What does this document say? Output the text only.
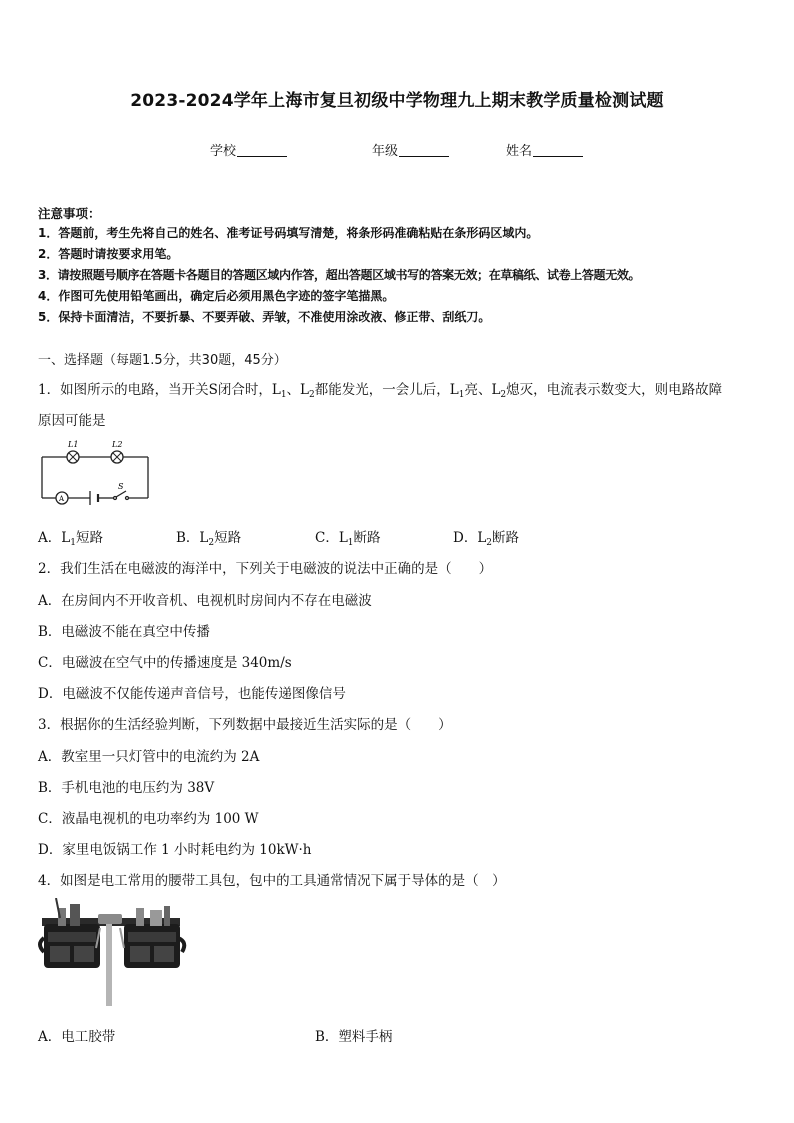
2023-2024学年上海市复旦初级中学物理九上期末教学质量检测试题
学校	年级	姓名
注意事项：
1．答题前，考生先将自己的姓名、准考证号码填写清楚，将条形码准确粘贴在条形码区域内。
2．答题时请按要求用笔。
3．请按照题号顺序在答题卡各题目的答题区域内作答，超出答题区域书写的答案无效；在草稿纸、试卷上答题无效。
4．作图可先使用铅笔画出，确定后必须用黑色字迹的签字笔描黑。
5．保持卡面清洁，不要折暴、不要弄破、弄皱，不准使用涂改液、修正带、刮纸刀。
一、选择题（每题1.5分，共30题，45分）
1．如图所示的电路，当开关S闭合时，$L_1$、$L_2$都能发光，一会儿后，$L_1$亮、$L_2$熄灭，电流表示数变大，则电路故障
原因可能是
L1	L2
A
S
A．$L_1$短路	B．$L_2$短路	C．$L_1$断路	D．$L_2$断路
2．我们生活在电磁波的海洋中，下列关于电磁波的说法中正确的是（　　）
A．在房间内不开收音机、电视机时房间内不存在电磁波
B．电磁波不能在真空中传播
C．电磁波在空气中的传播速度是 340m/s
D．电磁波不仅能传递声音信号，也能传递图像信号
3．根据你的生活经验判断，下列数据中最接近生活实际的是（　　）
A．教室里一只灯管中的电流约为 2A
B．手机电池的电压约为 38V
C．液晶电视机的电功率约为 100 W
D．家里电饭锅工作 1 小时耗电约为 10kW·h
4．如图是电工常用的腰带工具包，包中的工具通常情况下属于导体的是（　）
A．电工胶带	B．塑料手柄
